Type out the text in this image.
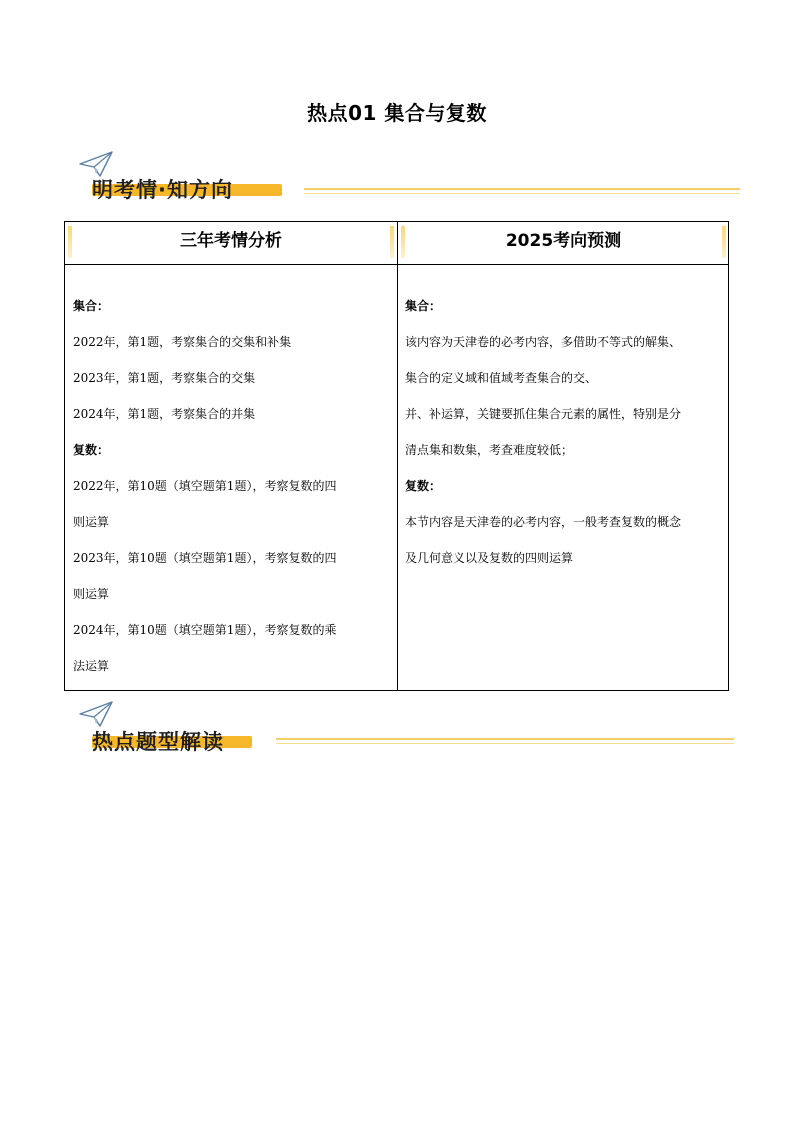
热点01 集合与复数
明考情·知方向
三年考情分析	2025考向预测

集合：

2022年，第1题，考察集合的交集和补集

2023年，第1题，考察集合的交集

2024年，第1题，考察集合的并集

复数：

2022年，第10题（填空题第1题），考察复数的四

则运算

2023年，第10题（填空题第1题），考察复数的四

则运算

2024年，第10题（填空题第1题），考察复数的乘

法运算

集合：

该内容为天津卷的必考内容，多借助不等式的解集、

集合的定义域和值域考查集合的交、

并、补运算，关键要抓住集合元素的属性，特别是分

清点集和数集，考查难度较低；

复数：

本节内容是天津卷的必考内容，一般考查复数的概念

及几何意义以及复数的四则运算

热点题型解读
